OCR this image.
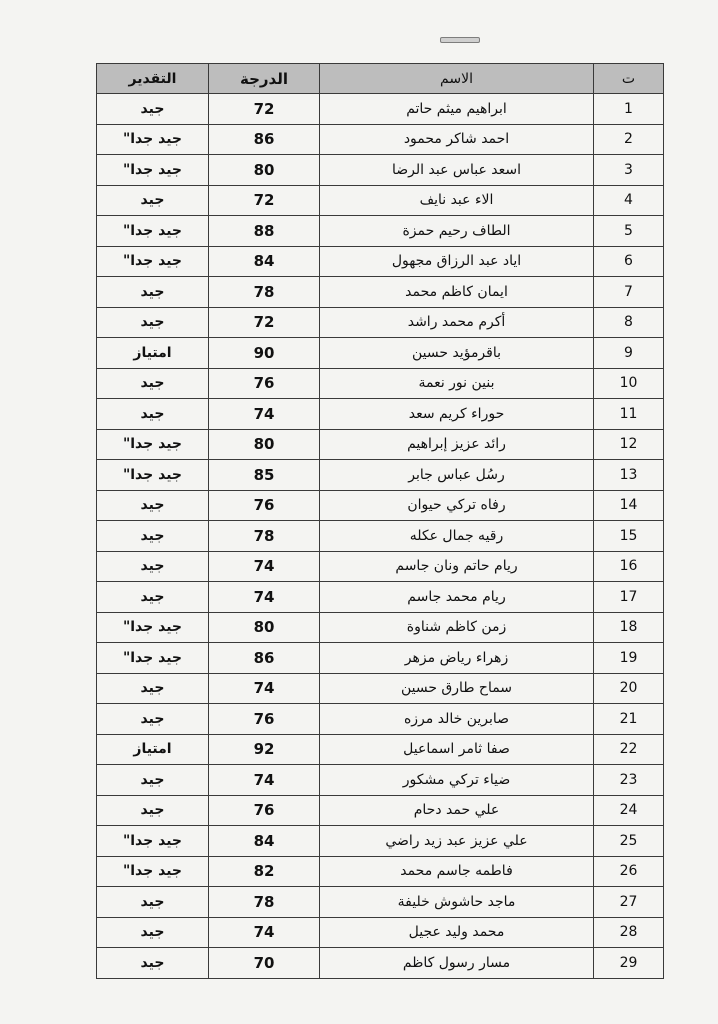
ت	الاسم	الدرجة	التقدير
1	ابراهيم ميثم حاتم	72	جيد
2	احمد شاكر محمود	86	جيد جدا"
3	اسعد عباس عبد الرضا	80	جيد جدا"
4	الاء عبد نايف	72	جيد
5	الطاف رحيم حمزة	88	جيد جدا"
6	اياد عبد الرزاق مجهول	84	جيد جدا"
7	ايمان كاظم محمد	78	جيد
8	أكرم محمد راشد	72	جيد
9	باقرمؤيد حسين	90	امتياز
10	بنين نور نعمة	76	جيد
11	حوراء كريم سعد	74	جيد
12	رائد عزيز إبراهيم	80	جيد جدا"
13	رسُل عباس جابر	85	جيد جدا"
14	رفاه تركي حيوان	76	جيد
15	رقيه جمال عكله	78	جيد
16	ريام حاتم ونان جاسم	74	جيد
17	ريام محمد جاسم	74	جيد
18	زمن كاظم شناوة	80	جيد جدا"
19	زهراء رياض مزهر	86	جيد جدا"
20	سماح طارق حسين	74	جيد
21	صابرين خالد مرزه	76	جيد
22	صفا ثامر اسماعيل	92	امتياز
23	ضياء تركي مشكور	74	جيد
24	علي حمد دحام	76	جيد
25	علي عزيز عبد زيد راضي	84	جيد جدا"
26	فاطمه جاسم محمد	82	جيد جدا"
27	ماجد حاشوش خليفة	78	جيد
28	محمد وليد عجيل	74	جيد
29	مسار رسول كاظم	70	جيد
